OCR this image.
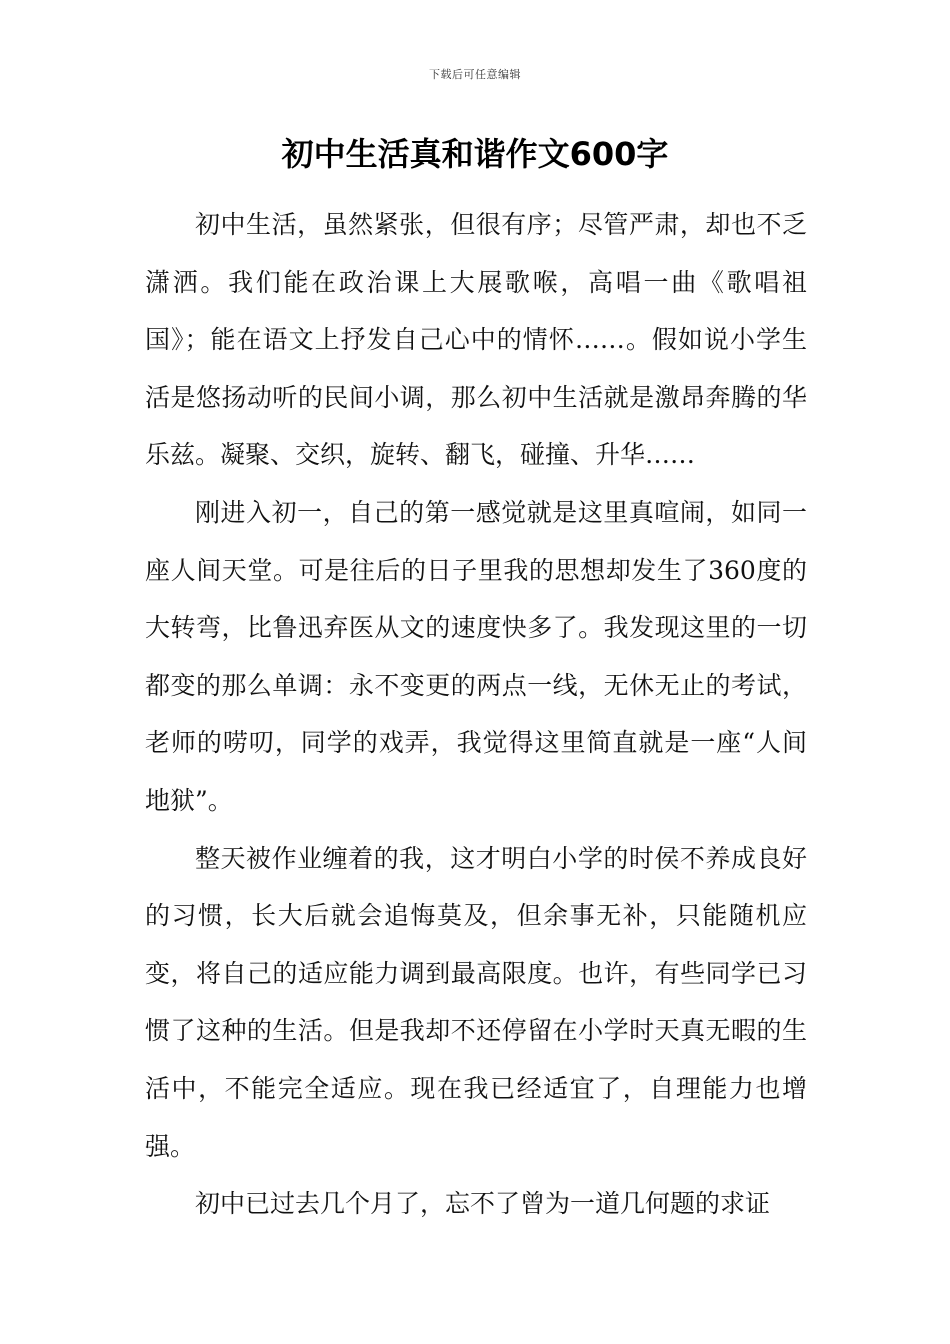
下载后可任意编辑
初中生活真和谐作文600字

初中生活，虽然紧张，但很有序；尽管严肃，却也不乏潇洒。我们能在政治课上大展歌喉，高唱一曲《歌唱祖国》；能在语文上抒发自己心中的情怀……。假如说小学生活是悠扬动听的民间小调，那么初中生活就是激昂奔腾的华乐兹。凝聚、交织，旋转、翻飞，碰撞、升华……

刚进入初一，自己的第一感觉就是这里真喧闹，如同一座人间天堂。可是往后的日子里我的思想却发生了360度的大转弯，比鲁迅弃医从文的速度快多了。我发现这里的一切都变的那么单调：永不变更的两点一线，无休无止的考试，老师的唠叨，同学的戏弄，我觉得这里简直就是一座“人间地狱”。

整天被作业缠着的我，这才明白小学的时侯不养成良好的习惯，长大后就会追悔莫及，但余事无补，只能随机应变，将自己的适应能力调到最高限度。也许，有些同学已习惯了这种的生活。但是我却不还停留在小学时天真无暇的生活中，不能完全适应。现在我已经适宜了，自理能力也增强。

初中已过去几个月了，忘不了曾为一道几何题的求证
